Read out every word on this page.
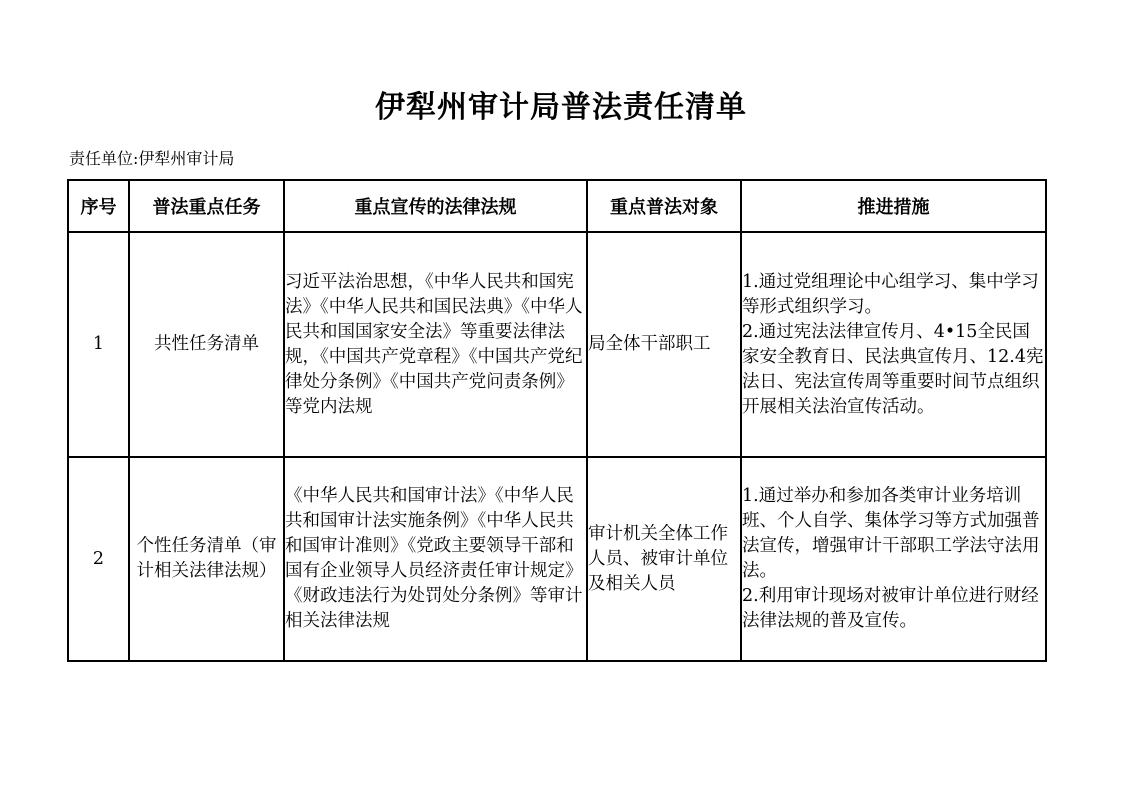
伊犁州审计局普法责任清单
责任单位:伊犁州审计局
序号	普法重点任务	重点宣传的法律法规	重点普法对象	推进措施
1	共性任务清单	习近平法治思想，《中华人民共和国宪法》《中华人民共和国民法典》《中华人民共和国国家安全法》等重要法律法规，《中国共产党章程》《中国共产党纪律处分条例》《中国共产党问责条例》等党内法规	局全体干部职工	1.通过党组理论中心组学习、集中学习等形式组织学习。
2.通过宪法法律宣传月、4•15全民国家安全教育日、民法典宣传月、12.4宪法日、宪法宣传周等重要时间节点组织开展相关法治宣传活动。
2	个性任务清单（审计相关法律法规）	《中华人民共和国审计法》《中华人民共和国审计法实施条例》《中华人民共和国审计准则》《党政主要领导干部和国有企业领导人员经济责任审计规定》《财政违法行为处罚处分条例》等审计相关法律法规	审计机关全体工作人员、被审计单位及相关人员	1.通过举办和参加各类审计业务培训班、个人自学、集体学习等方式加强普法宣传，增强审计干部职工学法守法用法。
2.利用审计现场对被审计单位进行财经法律法规的普及宣传。
